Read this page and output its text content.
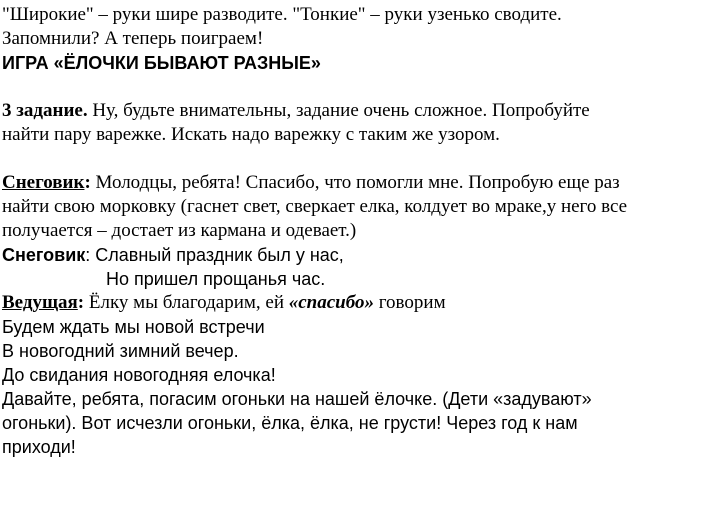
"Широкие" – руки шире разводите. "Тонкие" – руки узенько сводите.

Запомнили? А теперь поиграем!

ИГРА «ЁЛОЧКИ БЫВАЮТ РАЗНЫЕ»

3 задание. Ну, будьте внимательны, задание очень сложное. Попробуйте

найти пару варежке. Искать надо варежку с таким же узором.

Снеговик: Молодцы, ребята! Спасибо, что помогли мне. Попробую еще раз

найти свою морковку (гаснет свет, сверкает елка, колдует во мраке,у него все

получается – достает из кармана и одевает.)

Снеговик: Славный праздник был у нас,

Но пришел прощанья час.

Ведущая: Ёлку мы благодарим, ей «спасибо» говорим

Будем ждать мы новой встречи

В новогодний зимний вечер.

До свидания новогодняя елочка!

Давайте, ребята, погасим огоньки на нашей ёлочке. (Дети «задувают»

огоньки). Вот исчезли огоньки, ёлка, ёлка, не грусти! Через год к нам

приходи!
